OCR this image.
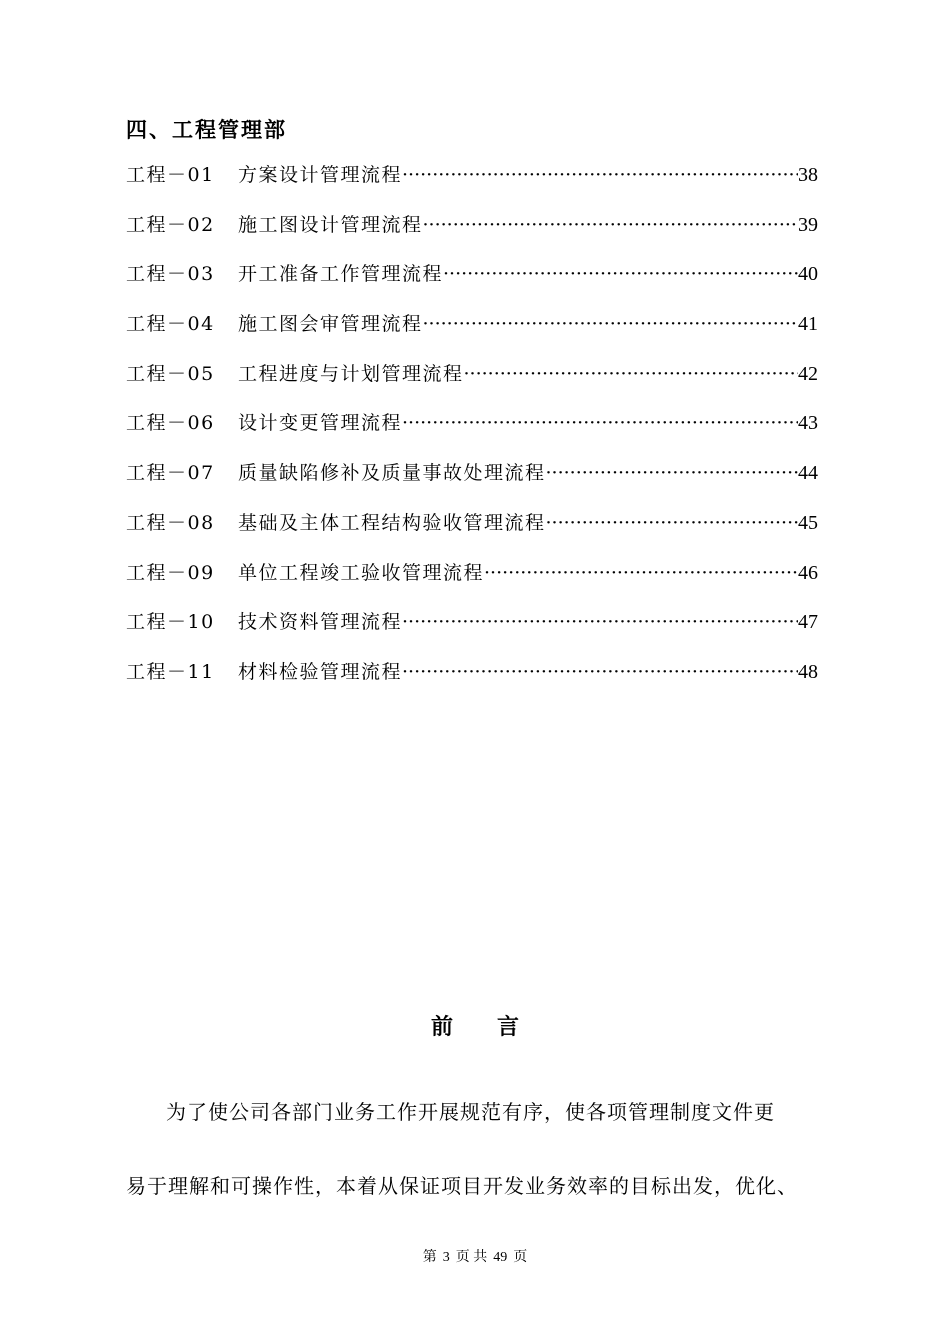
四、工程管理部
工程－01	方案设计管理流程 ·····	38
工程－02	施工图设计管理流程 ·····	39
工程－03	开工准备工作管理流程 ·····	40
工程－04	施工图会审管理流程 ·····	41
工程－05	工程进度与计划管理流程 ·····	42
工程－06	设计变更管理流程 ·····	43
工程－07	质量缺陷修补及质量事故处理流程 ·····	44
工程－08	基础及主体工程结构验收管理流程 ·····	45
工程－09	单位工程竣工验收管理流程 ·····	46
工程－10	技术资料管理流程 ·····	47
工程－11	材料检验管理流程 ·····	48
前 言
为了使公司各部门业务工作开展规范有序，使各项管理制度文件更
易于理解和可操作性，本着从保证项目开发业务效率的目标出发，优化、
第 3 页 共 49 页
